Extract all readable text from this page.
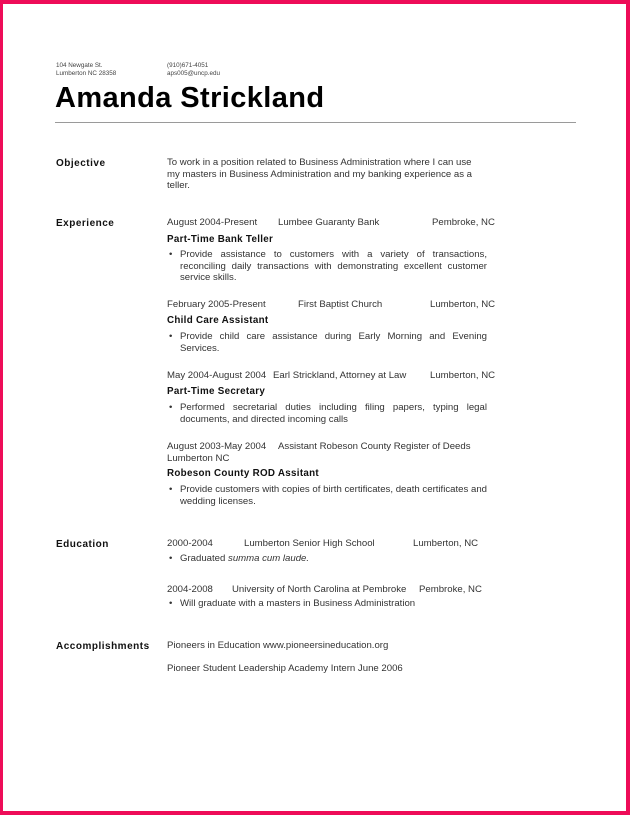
104 Newgate St.
Lumberton NC 28358
(910)671-4051
aps005@uncp.edu
Amanda Strickland
Objective	To work in a position related to Business Administration where I can use
my masters in Business Administration and my banking experience as a
teller.
Experience	August 2004-Present Lumbee Guaranty Bank	Pembroke, NC
Part-Time Bank Teller
• Provide assistance to customers with a variety of transactions, reconciling daily transactions with demonstrating excellent customer service skills.
February 2005-Present	First Baptist Church	Lumberton, NC
Child Care Assistant
• Provide child care assistance during Early Morning and Evening Services.
May 2004-August 2004 Earl Strickland, Attorney at Law Lumberton, NC
Part-Time Secretary
• Performed secretarial duties including filing papers, typing legal documents, and directed incoming calls
August 2003-May 2004 Assistant Robeson County Register of Deeds
Lumberton NC
Robeson County ROD Assitant
• Provide customers with copies of birth certificates, death certificates and wedding licenses.
Education	2000-2004	Lumberton Senior High School	Lumberton, NC
• Graduated summa cum laude.
2004-2008 University of North Carolina at Pembroke Pembroke, NC
• Will graduate with a masters in Business Administration
Accomplishments Pioneers in Education www.pioneersineducation.org
Pioneer Student Leadership Academy Intern June 2006
